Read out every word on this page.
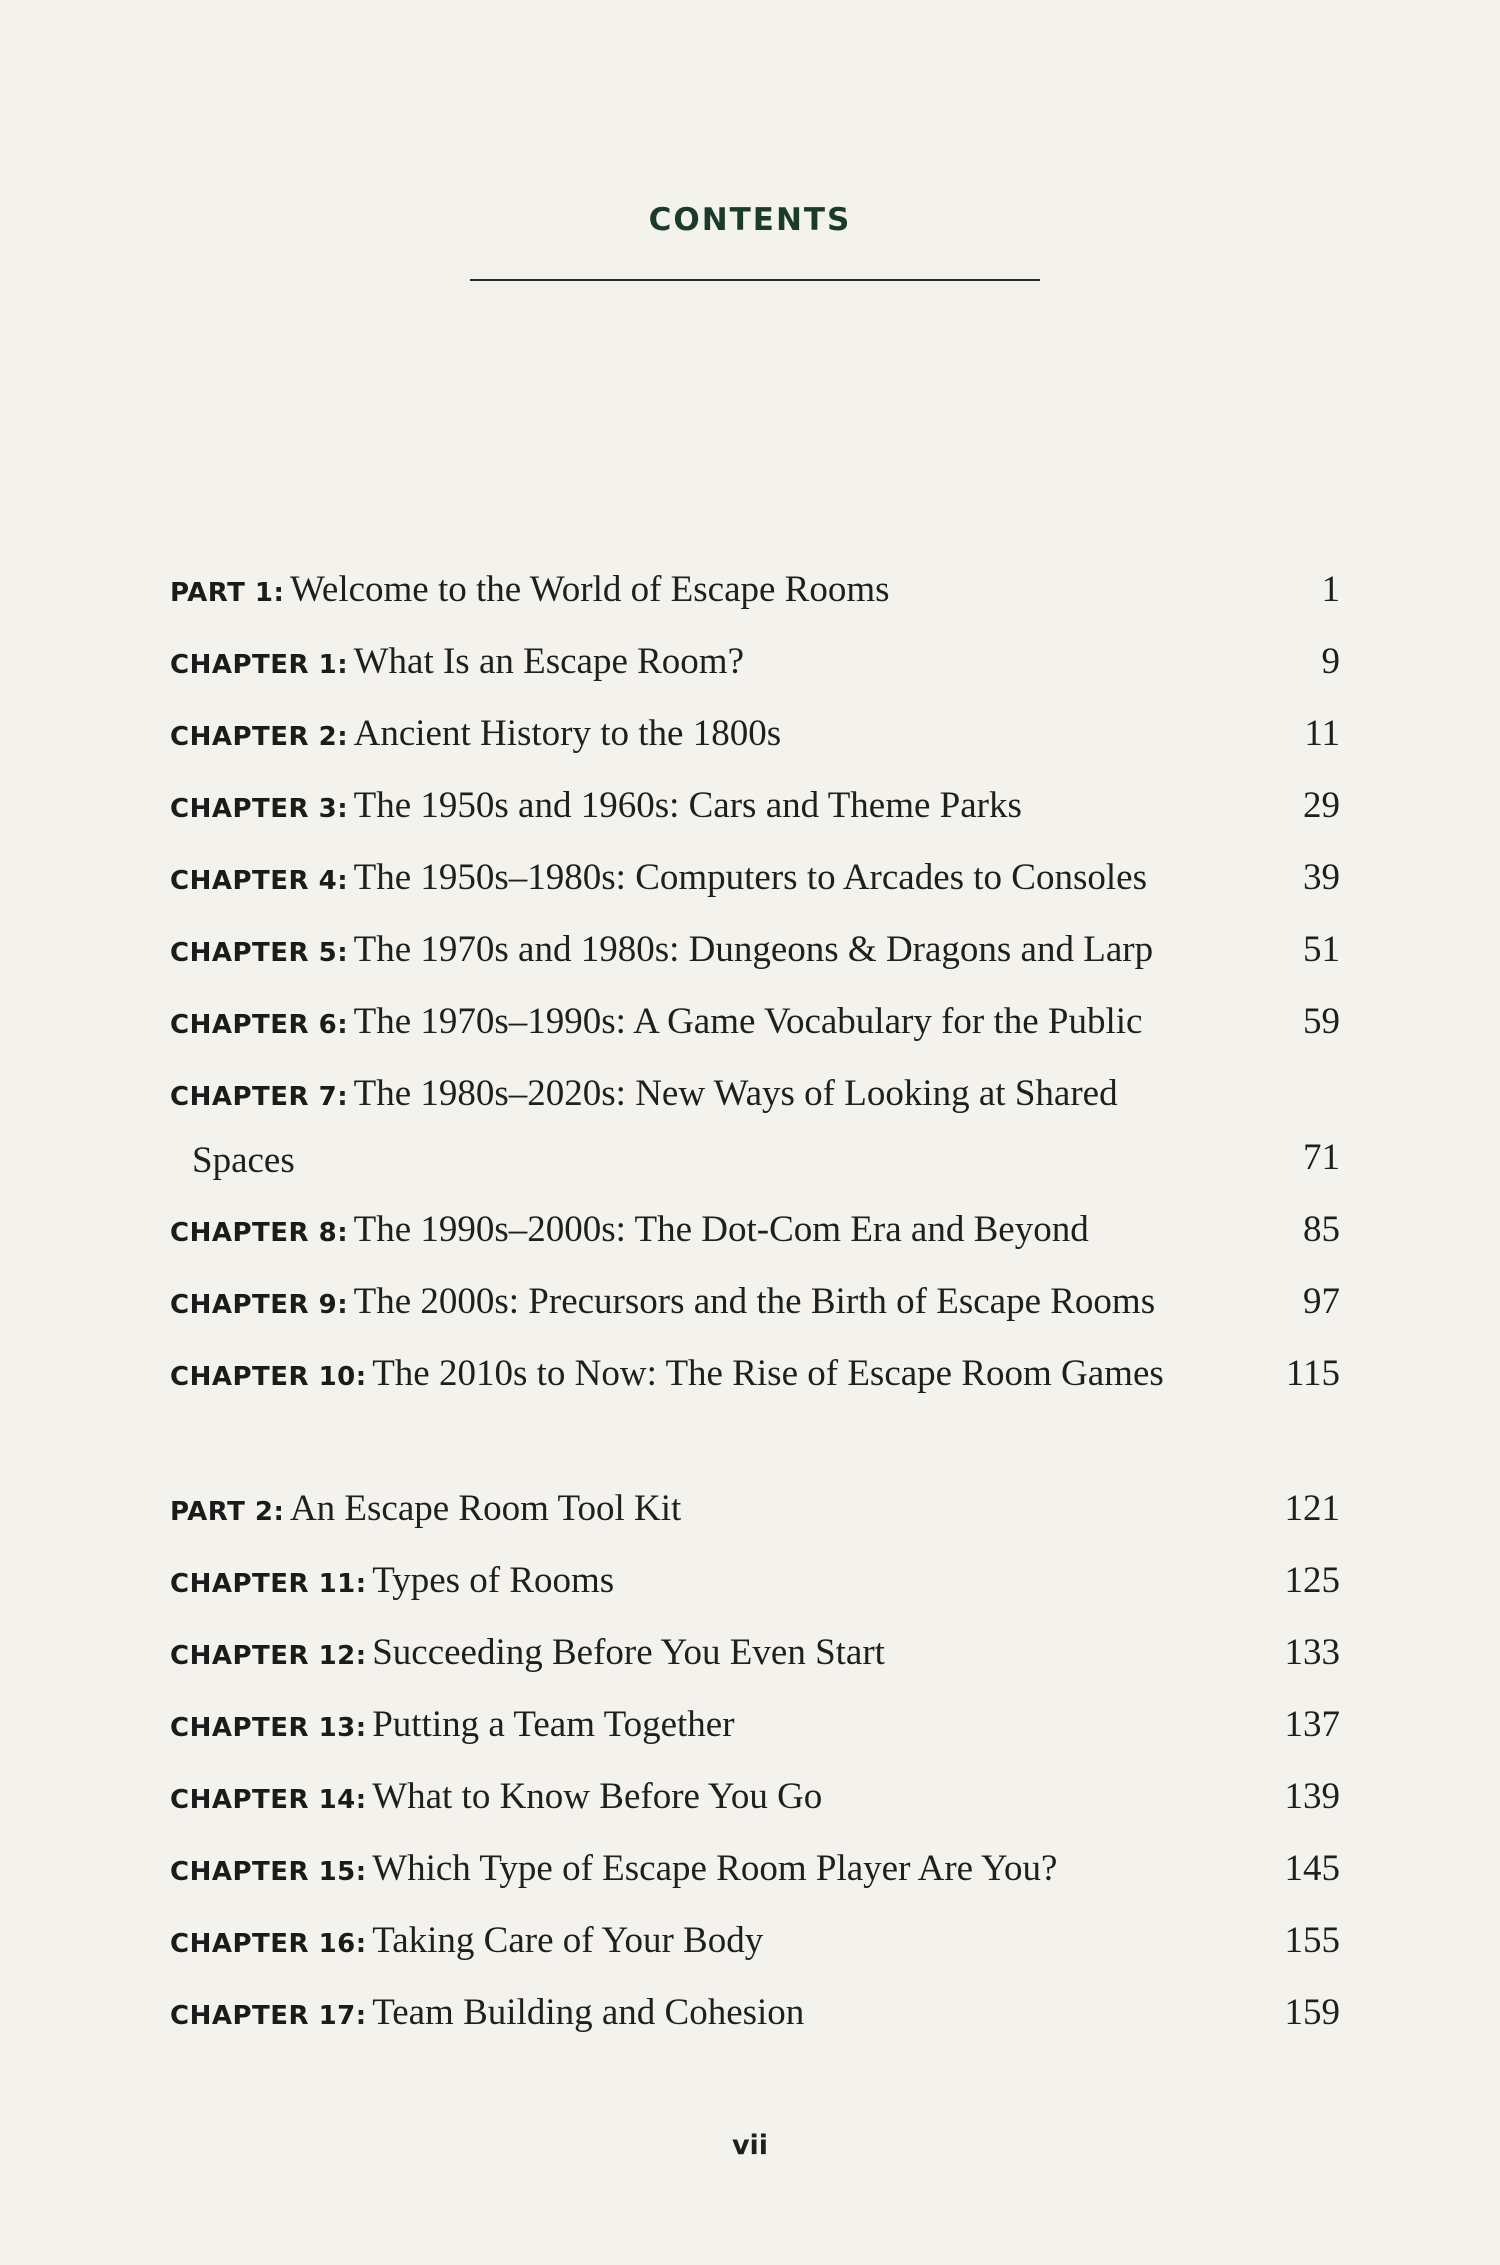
CONTENTS
PART 1: Welcome to the World of Escape Rooms	1
CHAPTER 1: What Is an Escape Room?	9
CHAPTER 2: Ancient History to the 1800s	11
CHAPTER 3: The 1950s and 1960s: Cars and Theme Parks	29
CHAPTER 4: The 1950s–1980s: Computers to Arcades to Consoles	39
CHAPTER 5: The 1970s and 1980s: Dungeons & Dragons and Larp	51
CHAPTER 6: The 1970s–1990s: A Game Vocabulary for the Public	59
CHAPTER 7: The 1980s–2020s: New Ways of Looking at Shared
Spaces	71
CHAPTER 8: The 1990s–2000s: The Dot-Com Era and Beyond	85
CHAPTER 9: The 2000s: Precursors and the Birth of Escape Rooms	97
CHAPTER 10: The 2010s to Now: The Rise of Escape Room Games	115
PART 2: An Escape Room Tool Kit	121
CHAPTER 11: Types of Rooms	125
CHAPTER 12: Succeeding Before You Even Start	133
CHAPTER 13: Putting a Team Together	137
CHAPTER 14: What to Know Before You Go	139
CHAPTER 15: Which Type of Escape Room Player Are You?	145
CHAPTER 16: Taking Care of Your Body	155
CHAPTER 17: Team Building and Cohesion	159
vii
